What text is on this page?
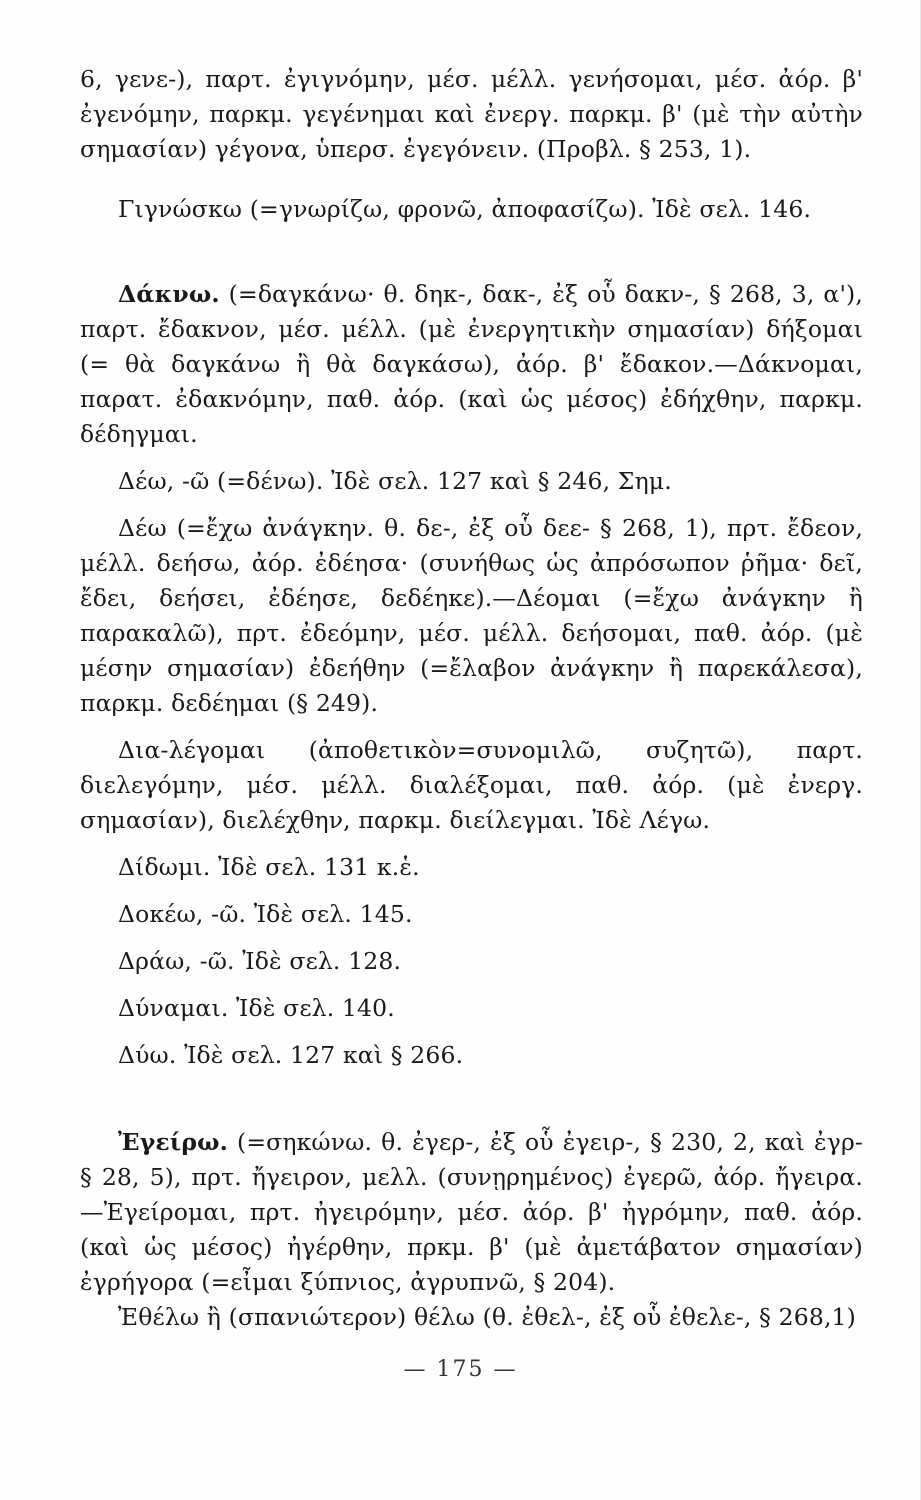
6, γενε-), παρτ. ἐγιγνόμην, μέσ. μέλλ. γενήσομαι, μέσ. ἀόρ. β' ἐγενόμην, παρκμ. γεγένημαι καὶ ἐνεργ. παρκμ. β' (μὲ τὴν αὐτὴν σημασίαν) γέγονα, ὑπερσ. ἐγεγόνειν. (Προβλ. § 253, 1).

Γιγνώσκω (=γνωρίζω, φρονῶ, ἀποφασίζω). Ἰδὲ σελ. 146.

Δάκνω. (=δαγκάνω· θ. δηκ-, δακ-, ἐξ οὗ δακν-, § 268, 3, α'), παρτ. ἔδακνον, μέσ. μέλλ. (μὲ ἐνεργητικὴν σημασίαν) δήξομαι (= θὰ δαγκάνω ἢ θὰ δαγκάσω), ἀόρ. β' ἔδακον.—Δάκνομαι, παρατ. ἐδακνόμην, παθ. ἀόρ. (καὶ ὡς μέσος) ἐδήχθην, παρκμ. δέδηγμαι.

Δέω, -ῶ (=δένω). Ἰδὲ σελ. 127 καὶ § 246, Σημ.

Δέω (=ἔχω ἀνάγκην. θ. δε-, ἐξ οὗ δεε- § 268, 1), πρτ. ἔδεον, μέλλ. δεήσω, ἀόρ. ἐδέησα· (συνήθως ὡς ἀπρόσωπον ῥῆμα· δεῖ, ἔδει, δεήσει, ἐδέησε, δεδέηκε).—Δέομαι (=ἔχω ἀνάγκην ἢ παρακαλῶ), πρτ. ἐδεόμην, μέσ. μέλλ. δεήσομαι, παθ. ἀόρ. (μὲ μέσην σημασίαν) ἐδεήθην (=ἔλαβον ἀνάγκην ἢ παρεκάλεσα), παρκμ. δεδέημαι (§ 249).

Δια-λέγομαι (ἀποθετικὸν=συνομιλῶ, συζητῶ), παρτ. διελεγόμην, μέσ. μέλλ. διαλέξομαι, παθ. ἀόρ. (μὲ ἐνεργ. σημασίαν), διελέχθην, παρκμ. διείλεγμαι. Ἰδὲ Λέγω.

Δίδωμι. Ἰδὲ σελ. 131 κ.ἑ.

Δοκέω, -ῶ. Ἰδὲ σελ. 145.

Δράω, -ῶ. Ἰδὲ σελ. 128.

Δύναμαι. Ἰδὲ σελ. 140.

Δύω. Ἰδὲ σελ. 127 καὶ § 266.

Ἐγείρω. (=σηκώνω. θ. ἐγερ-, ἐξ οὗ ἐγειρ-, § 230, 2, καὶ ἐγρ- § 28, 5), πρτ. ἤγειρον, μελλ. (συνῃρημένος) ἐγερῶ, ἀόρ. ἤγειρα. —Ἐγείρομαι, πρτ. ἠγειρόμην, μέσ. ἀόρ. β' ἠγρόμην, παθ. ἀόρ. (καὶ ὡς μέσος) ἠγέρθην, πρκμ. β' (μὲ ἀμετάβατον σημασίαν) ἐγρήγορα (=εἶμαι ξύπνιος, ἀγρυπνῶ, § 204).

Ἐθέλω ἢ (σπανιώτερον) θέλω (θ. ἐθελ-, ἐξ οὗ ἐθελε-, § 268,1)

— 175 —
